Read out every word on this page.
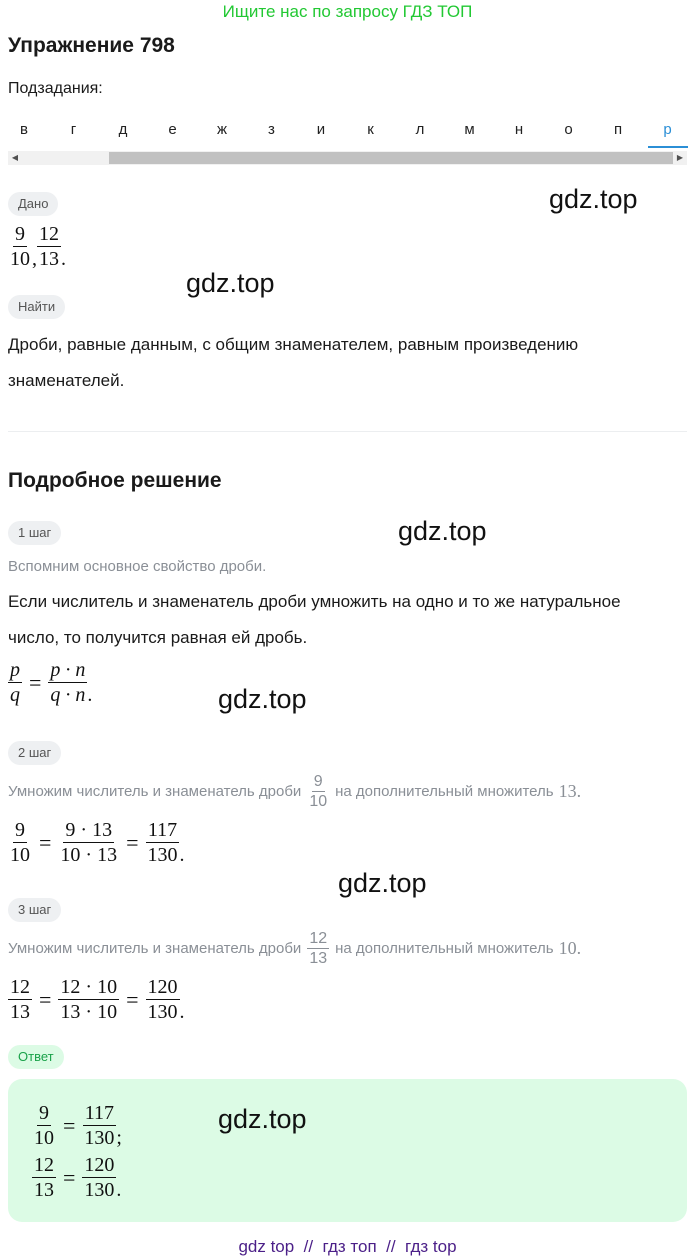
Ищите нас по запросу ГДЗ ТОП
Упражнение 798
Подзадания:
в	г	д	е	ж	з	и	к	л	м	н	о	п	р
◀	▶
Дано	gdz.top
$\frac{9}{10}$ , $\frac{12}{13}$ .
gdz.top
Найти
Дроби, равные данным, с общим знаменателем, равным произведению
знаменателей.
Подробное решение
1 шаг	gdz.top
Вспомним основное свойство дроби.
Если числитель и знаменатель дроби умножить на одно и то же натуральное
число, то получится равная ей дробь.
$\frac{p}{q} = \frac{p \cdot n}{q \cdot n}$ .	gdz.top
2 шаг
Умножим числитель и знаменатель дроби $\frac{9}{10}$ на дополнительный множитель 13.
$\frac{9}{10} = \frac{9 \cdot 13}{10 \cdot 13} = \frac{117}{130}$ .
gdz.top
3 шаг
Умножим числитель и знаменатель дроби $\frac{12}{13}$ на дополнительный множитель 10.
$\frac{12}{13} = \frac{12 \cdot 10}{13 \cdot 10} = \frac{120}{130}$ .
Ответ
$\frac{9}{10} = \frac{117}{130}$ ;
$\frac{12}{13} = \frac{120}{130}$ .
gdz.top
gdz top  //  гдз топ  //  гдз top
